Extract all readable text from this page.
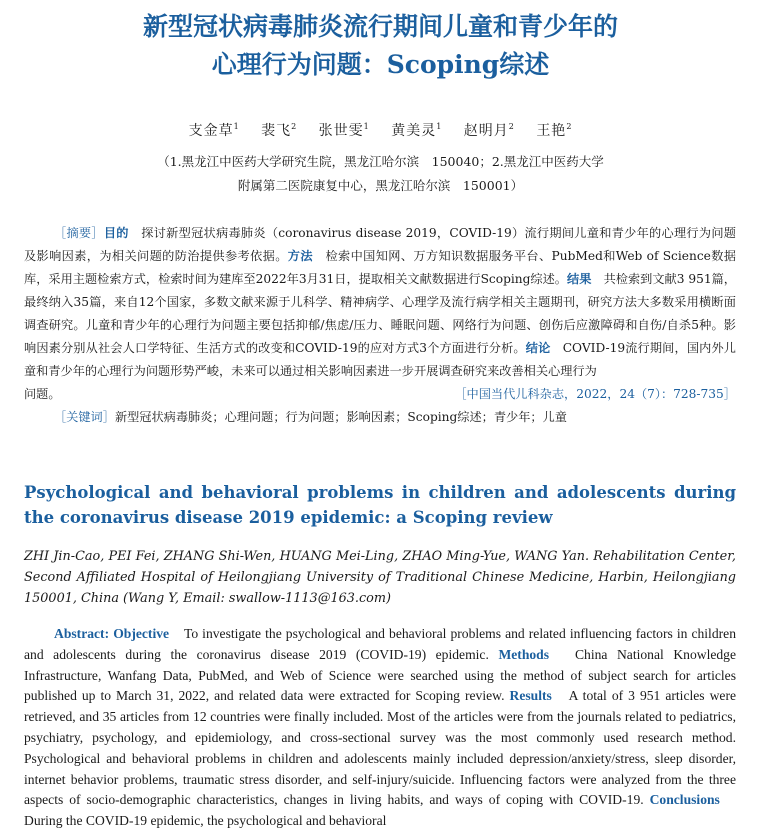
新型冠状病毒肺炎流行期间儿童和青少年的
心理行为问题：Scoping综述
支金草$^1$ 裴飞$^2$ 张世雯$^1$ 黄美灵$^1$ 赵明月$^2$ 王艳$^2$
（1.黑龙江中医药大学研究生院，黑龙江哈尔滨　150040；2.黑龙江中医药大学
附属第二医院康复中心，黑龙江哈尔滨　150001）

［摘要］目的　探讨新型冠状病毒肺炎（coronavirus disease 2019，COVID-19）流行期间儿童和青少年的心理行为问题及影响因素，为相关问题的防治提供参考依据。方法　检索中国知网、万方知识数据服务平台、PubMed和Web of Science数据库，采用主题检索方式，检索时间为建库至2022年3月31日，提取相关文献数据进行Scoping综述。结果　共检索到文献3 951篇，最终纳入35篇，来自12个国家，多数文献来源于儿科学、精神病学、心理学及流行病学相关主题期刊，研究方法大多数采用横断面调查研究。儿童和青少年的心理行为问题主要包括抑郁/焦虑/压力、睡眠问题、网络行为问题、创伤后应激障碍和自伤/自杀5种。影响因素分别从社会人口学特征、生活方式的改变和COVID-19的应对方式3个方面进行分析。结论　COVID-19流行期间，国内外儿童和青少年的心理行为问题形势严峻，未来可以通过相关影响因素进一步开展调查研究来改善相关心理行为
问题。	［中国当代儿科杂志，2022，24（7）：728-735］

［关键词］新型冠状病毒肺炎；心理问题；行为问题；影响因素；Scoping综述；青少年；儿童

Psychological and behavioral problems in children and adolescents during the coronavirus disease 2019 epidemic: a Scoping review

ZHI Jin-Cao, PEI Fei, ZHANG Shi-Wen, HUANG Mei-Ling, ZHAO Ming-Yue, WANG Yan. Rehabilitation Center, Second Affiliated Hospital of Heilongjiang University of Traditional Chinese Medicine, Harbin, Heilongjiang 150001, China (Wang Y, Email: swallow-1113@163.com)

Abstract: Objective　To investigate the psychological and behavioral problems and related influencing factors in children and adolescents during the coronavirus disease 2019 (COVID-19) epidemic. Methods　China National Knowledge Infrastructure, Wanfang Data, PubMed, and Web of Science were searched using the method of subject search for articles published up to March 31, 2022, and related data were extracted for Scoping review. Results　A total of 3 951 articles were retrieved, and 35 articles from 12 countries were finally included. Most of the articles were from the journals related to pediatrics, psychiatry, psychology, and epidemiology, and cross-sectional survey was the most commonly used research method. Psychological and behavioral problems in children and adolescents mainly included depression/anxiety/stress, sleep disorder, internet behavior problems, traumatic stress disorder, and self-injury/suicide. Influencing factors were analyzed from the three aspects of socio-demographic characteristics, changes in living habits, and ways of coping with COVID-19. Conclusions　During the COVID-19 epidemic, the psychological and behavioral
